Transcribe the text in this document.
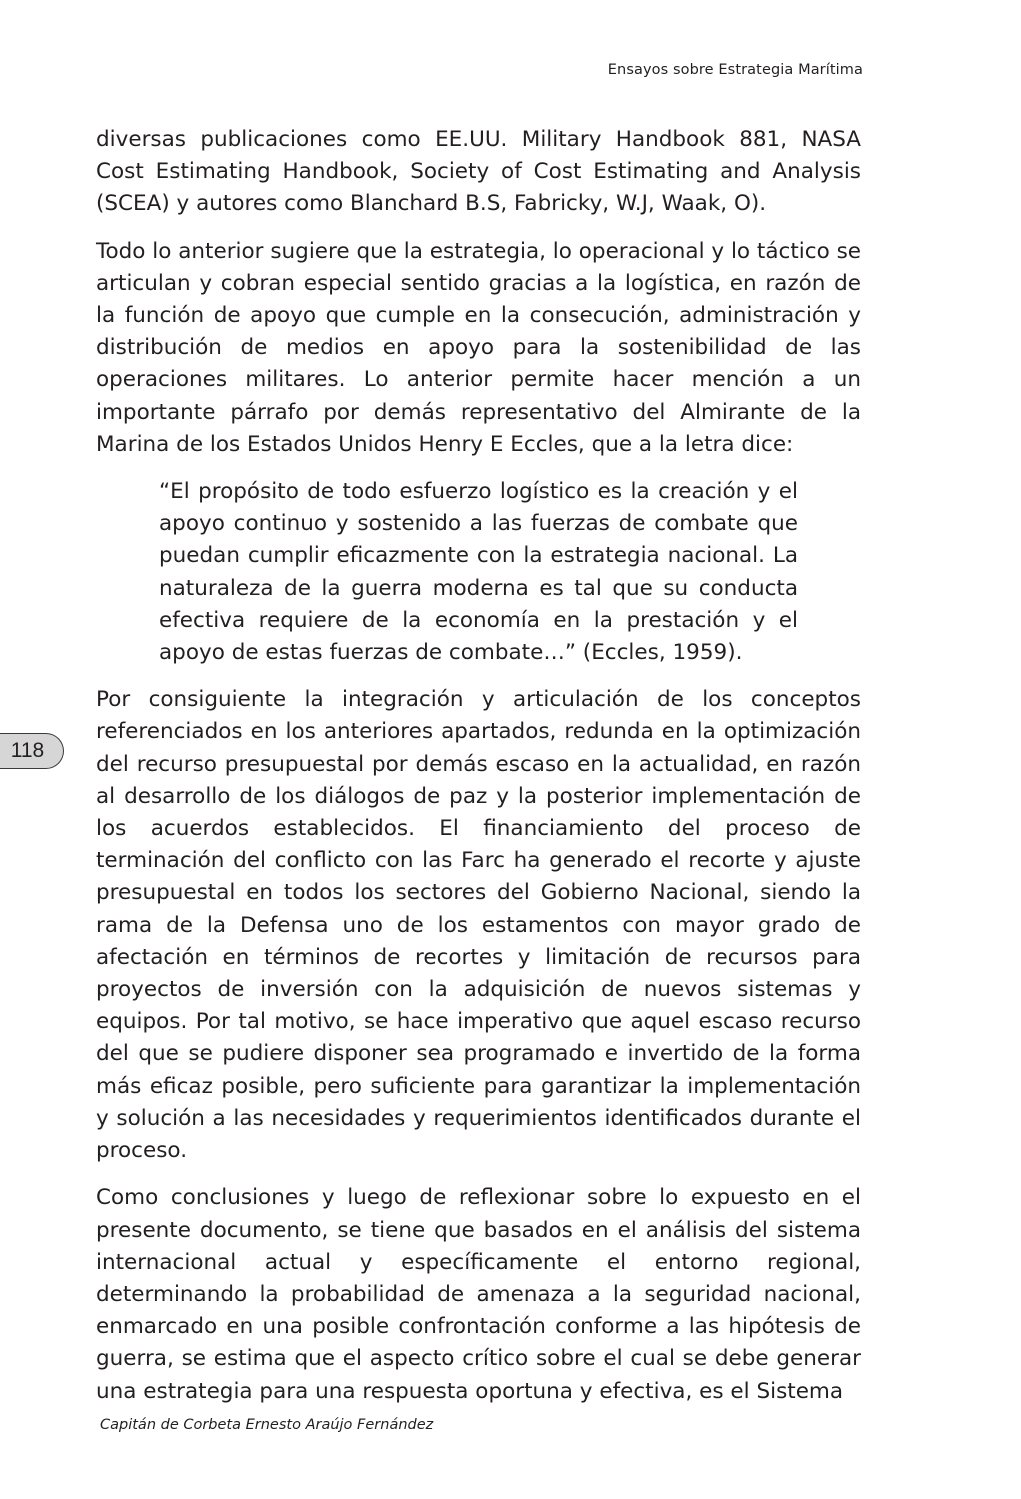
Ensayos sobre Estrategia Marítima

diversas publicaciones como EE.UU. Military Handbook 881, NASA Cost Estimating Handbook, Society of Cost Estimating and Analysis (SCEA) y autores como Blanchard B.S, Fabricky, W.J, Waak, O).

Todo lo anterior sugiere que la estrategia, lo operacional y lo táctico se articulan y cobran especial sentido gracias a la logística, en razón de la función de apoyo que cumple en la consecución, administración y distribución de medios en apoyo para la sostenibilidad de las operaciones militares. Lo anterior permite hacer mención a un importante párrafo por demás representativo del Almirante de la Marina de los Estados Unidos Henry E Eccles, que a la letra dice:

“El propósito de todo esfuerzo logístico es la creación y el apoyo continuo y sostenido a las fuerzas de combate que puedan cumplir eficazmente con la estrategia nacional. La naturaleza de la guerra moderna es tal que su conducta efectiva requiere de la economía en la prestación y el apoyo de estas fuerzas de combate…” (Eccles, 1959).

Por consiguiente la integración y articulación de los conceptos referenciados en los anteriores apartados, redunda en la optimización del recurso presupuestal por demás escaso en la actualidad, en razón al desarrollo de los diálogos de paz y la posterior implementación de los acuerdos establecidos. El financiamiento del proceso de terminación del conflicto con las Farc ha generado el recorte y ajuste presupuestal en todos los sectores del Gobierno Nacional, siendo la rama de la Defensa uno de los estamentos con mayor grado de afectación en términos de recortes y limitación de recursos para proyectos de inversión con la adquisición de nuevos sistemas y equipos. Por tal motivo, se hace imperativo que aquel escaso recurso del que se pudiere disponer sea programado e invertido de la forma más eficaz posible, pero suficiente para garantizar la implementación y solución a las necesidades y requerimientos identificados durante el proceso.

Como conclusiones y luego de reflexionar sobre lo expuesto en el presente documento, se tiene que basados en el análisis del sistema internacional actual y específicamente el entorno regional, determinando la probabilidad de amenaza a la seguridad nacional, enmarcado en una posible confrontación conforme a las hipótesis de guerra, se estima que el aspecto crítico sobre el cual se debe generar una estrategia para una respuesta oportuna y efectiva, es el Sistema

118
Capitán de Corbeta Ernesto Araújo Fernández
